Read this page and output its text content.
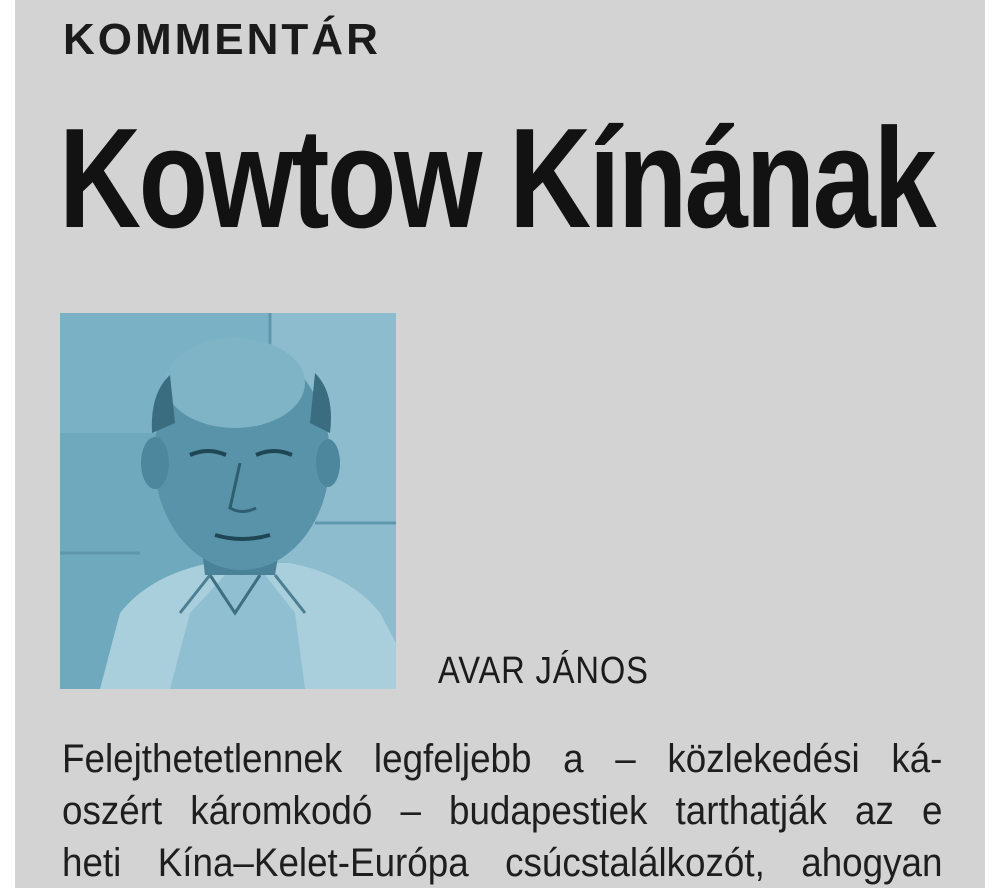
KOMMENTÁR
Kowtow Kínának
AVAR JÁNOS
Felejthetetlennek legfeljebb a – közlekedési ká-
oszért káromkodó – budapestiek tarthatják az e
heti Kína–Kelet-Európa csúcstalálkozót, ahogyan
